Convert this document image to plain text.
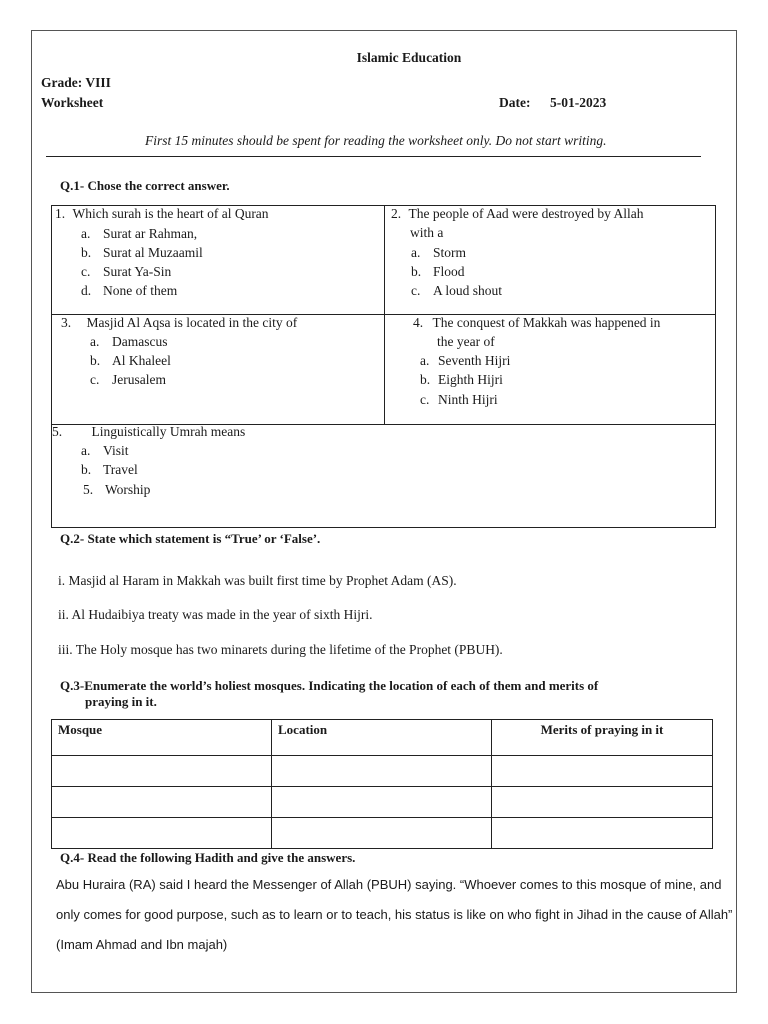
Islamic Education
Grade: VIII
Worksheet	Date: 5-01-2023
First 15 minutes should be spent for reading the worksheet only. Do not start writing.
Q.1- Chose the correct answer.
1. Which surah is the heart of al Quran
a. Surat ar Rahman,
b. Surat al Muzaamil
c. Surat Ya-Sin
d. None of them
2. The people of Aad were destroyed by Allah
with a
a. Storm
b. Flood
c. A loud shout
3. Masjid Al Aqsa is located in the city of
a. Damascus
b. Al Khaleel
c. Jerusalem
4. The conquest of Makkah was happened in
the year of
a. Seventh Hijri
b. Eighth Hijri
c. Ninth Hijri
5. Linguistically Umrah means
a. Visit
b. Travel
5. Worship
Q.2- State which statement is “True’ or ‘False’.
i. Masjid al Haram in Makkah was built first time by Prophet Adam (AS).
ii. Al Hudaibiya treaty was made in the year of sixth Hijri.
iii. The Holy mosque has two minarets during the lifetime of the Prophet (PBUH).
Q.3-Enumerate the world’s holiest mosques. Indicating the location of each of them and merits of
praying in it.
Mosque	Location	Merits of praying in it

Q.4- Read the following Hadith and give the answers.
Abu Huraira (RA) said I heard the Messenger of Allah (PBUH) saying. “Whoever comes to this mosque of mine, and
only comes for good purpose, such as to learn or to teach, his status is like on who fight in Jihad in the cause of Allah”
(Imam Ahmad and Ibn majah)
